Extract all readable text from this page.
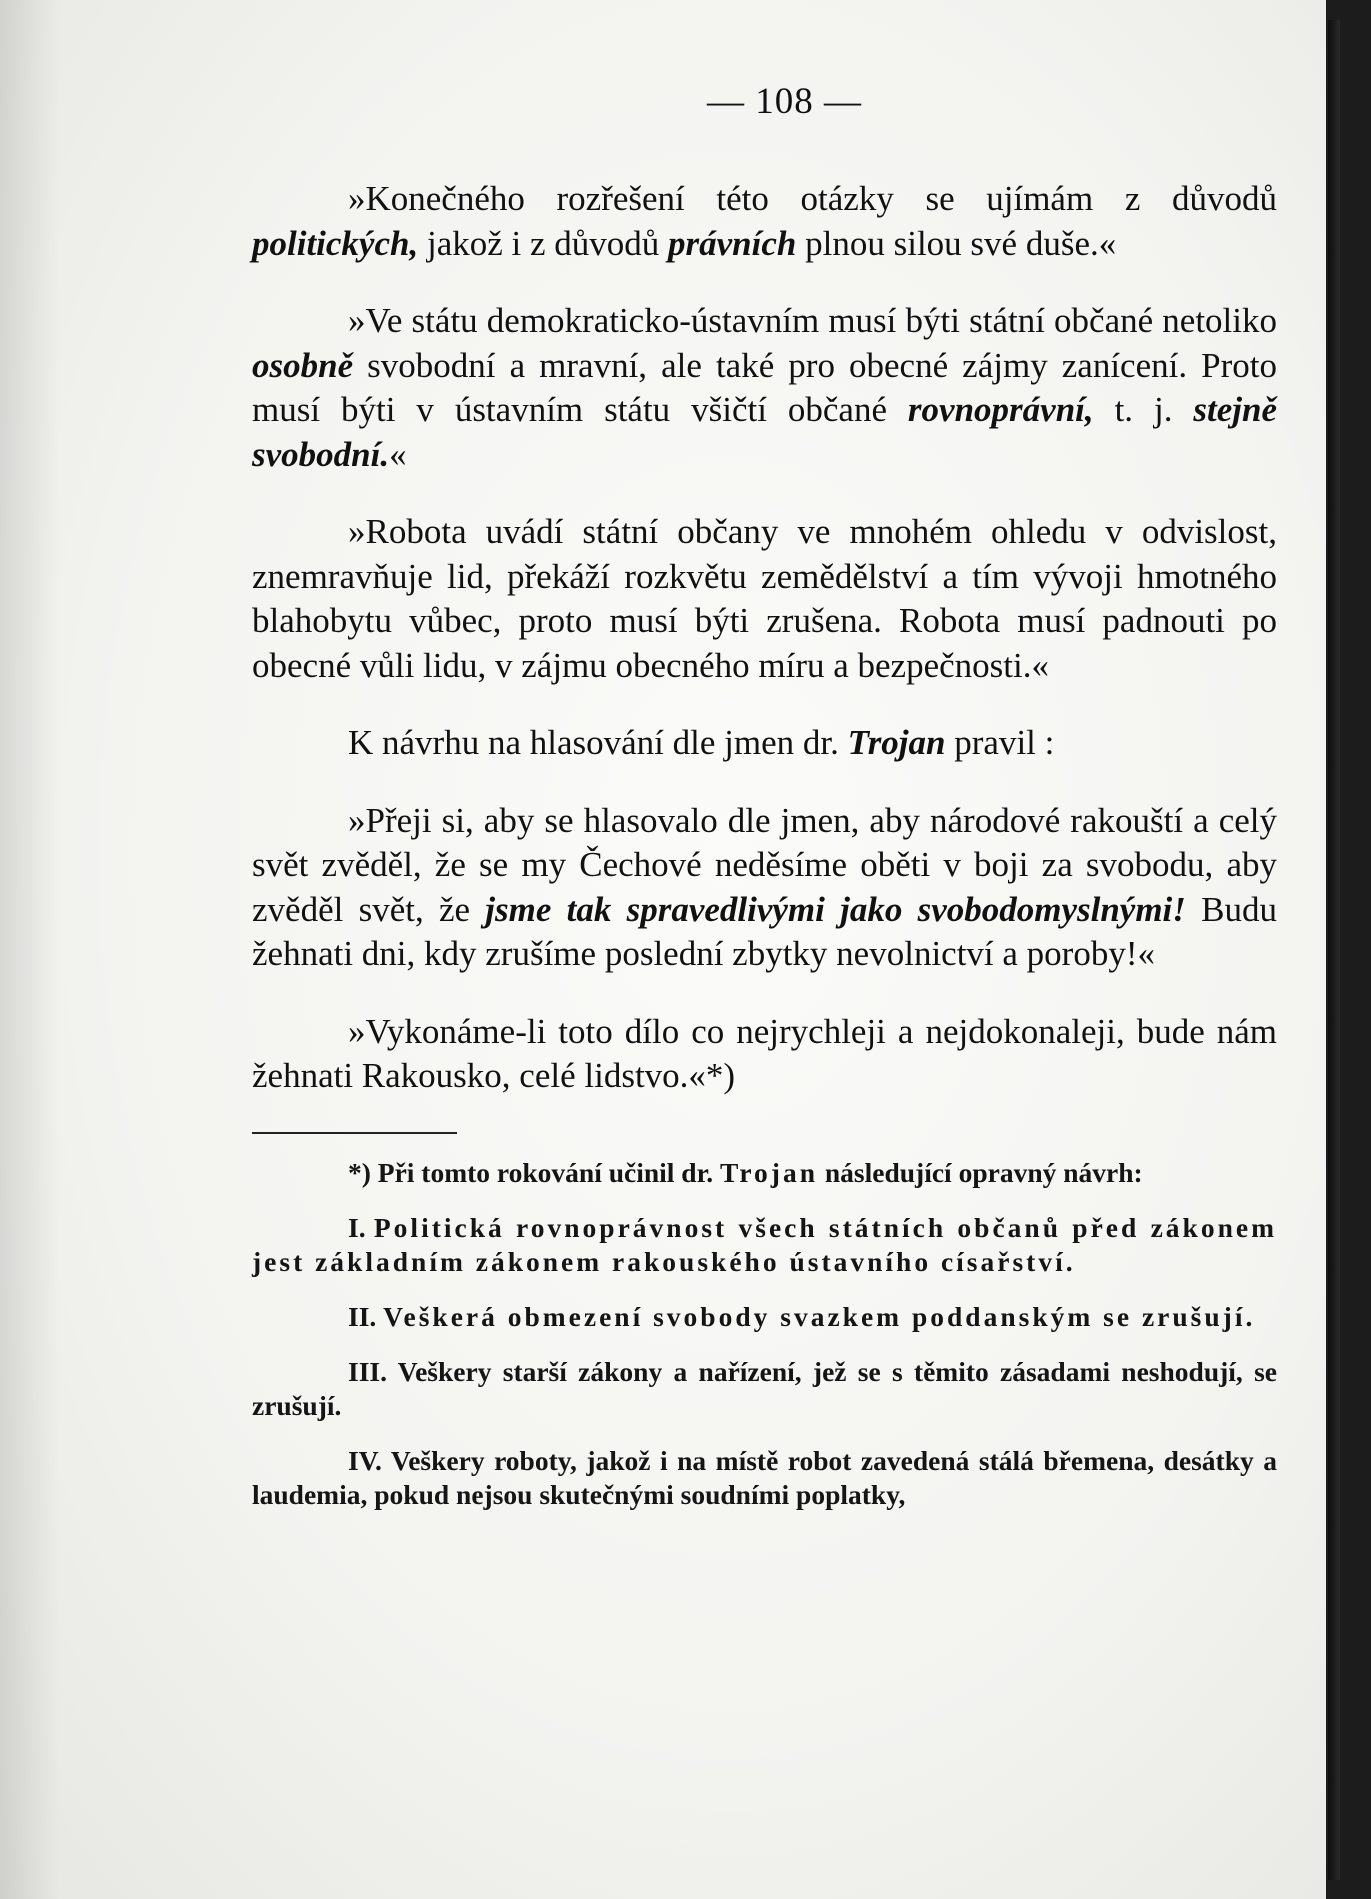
— 108 —

»Konečného rozřešení této otázky se ujímám z důvodů politických, jakož i z důvodů právních plnou silou své duše.«

»Ve státu demokraticko-ústavním musí býti státní občané netoliko osobně svobodní a mravní, ale také pro obecné zájmy zanícení. Proto musí býti v ústavním státu všičtí občané rovnoprávní, t. j. stejně svobodní.«

»Robota uvádí státní občany ve mnohém ohledu v odvislost, znemravňuje lid, překáží rozkvětu zemědělství a tím vývoji hmotného blahobytu vůbec, proto musí býti zrušena. Robota musí padnouti po obecné vůli lidu, v zájmu obecného míru a bezpečnosti.«

K návrhu na hlasování dle jmen dr. Trojan pravil :

»Přeji si, aby se hlasovalo dle jmen, aby národové rakouští a celý svět zvěděl, že se my Čechové neděsíme oběti v boji za svobodu, aby zvěděl svět, že jsme tak spravedlivými jako svobodomyslnými! Budu žehnati dni, kdy zrušíme poslední zbytky nevolnictví a poroby!«

»Vykonáme-li toto dílo co nejrychleji a nejdokonaleji, bude nám žehnati Rakousko, celé lidstvo.«*)

*) Při tomto rokování učinil dr. Trojan následující opravný návrh:

I. Politická rovnoprávnost všech státních občanů před zákonem jest základním zákonem rakouského ústavního císařství.

II. Veškerá obmezení svobody svazkem poddanským se zrušují.

III. Veškery starší zákony a nařízení, jež se s těmito zásadami neshodují, se zrušují.

IV. Veškery roboty, jakož i na místě robot zavedená stálá břemena, desátky a laudemia, pokud nejsou skutečnými soudními poplatky,
